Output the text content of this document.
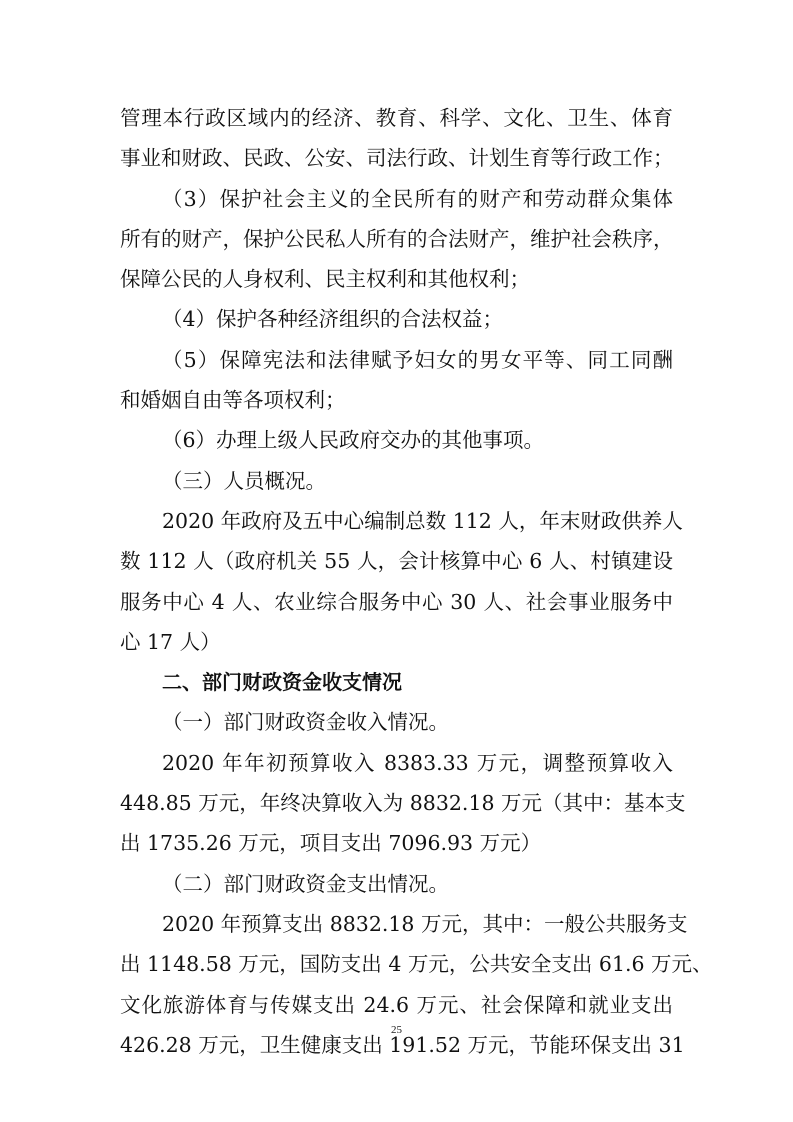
管理本行政区域内的经济、教育、科学、文化、卫生、体育
事业和财政、民政、公安、司法行政、计划生育等行政工作；
（3）保护社会主义的全民所有的财产和劳动群众集体
所有的财产，保护公民私人所有的合法财产，维护社会秩序，
保障公民的人身权利、民主权利和其他权利；
（4）保护各种经济组织的合法权益；
（5）保障宪法和法律赋予妇女的男女平等、同工同酬
和婚姻自由等各项权利；
（6）办理上级人民政府交办的其他事项。
（三）人员概况。
2020 年政府及五中心编制总数 112 人，年末财政供养人
数 112 人（政府机关 55 人，会计核算中心 6 人、村镇建设
服务中心 4 人、农业综合服务中心 30 人、社会事业服务中
心 17 人）
二、部门财政资金收支情况
（一）部门财政资金收入情况。
2020 年年初预算收入 8383.33 万元，调整预算收入
448.85 万元，年终决算收入为 8832.18 万元（其中：基本支
出 1735.26 万元，项目支出 7096.93 万元）
（二）部门财政资金支出情况。
2020 年预算支出 8832.18 万元，其中：一般公共服务支
出 1148.58 万元，国防支出 4 万元，公共安全支出 61.6 万元、
文化旅游体育与传媒支出 24.6 万元、社会保障和就业支出
426.28 万元，卫生健康支出 191.52 万元，节能环保支出 31
25
